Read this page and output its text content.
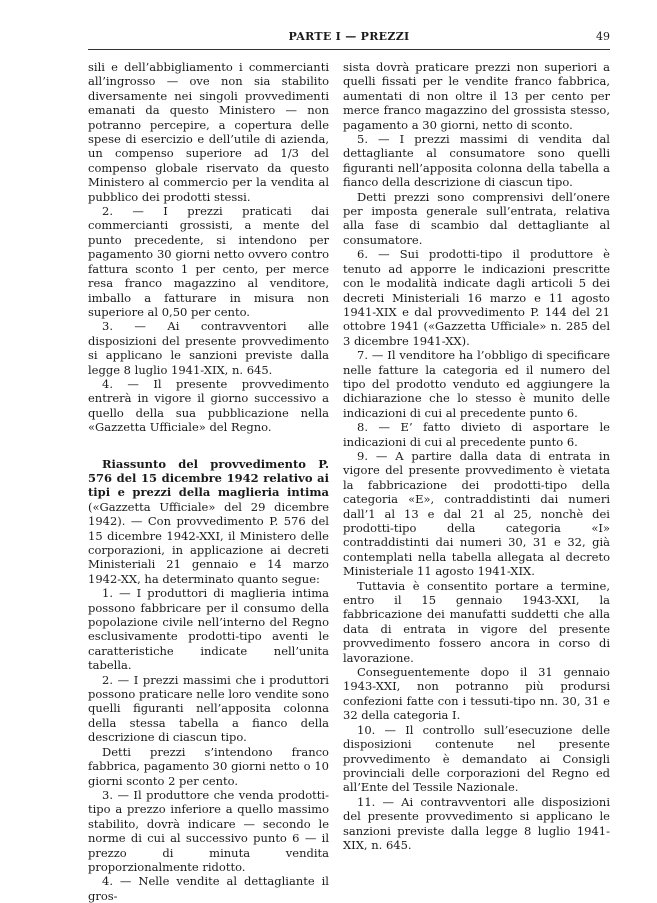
PARTE I — PREZZI	49

sili e dell’abbigliamento i commercianti all’ingrosso — ove non sia stabilito diversamente nei singoli provvedimenti emanati da questo Ministero — non potranno percepire, a copertura delle spese di esercizio e dell’utile di azienda, un compenso superiore ad 1/3 del compenso globale riservato da questo Ministero al commercio per la vendita al pubblico dei prodotti stessi.

2. — I prezzi praticati dai commercianti grossisti, a mente del punto precedente, si intendono per pagamento 30 giorni netto ovvero contro fattura sconto 1 per cento, per merce resa franco magazzino al venditore, imballo a fatturare in misura non superiore al 0,50 per cento.

3. — Ai contravventori alle disposizioni del presente provvedimento si applicano le sanzioni previste dalla legge 8 luglio 1941-XIX, n. 645.

4. — Il presente provvedimento entrerà in vigore il giorno successivo a quello della sua pubblicazione nella «Gazzetta Ufficiale» del Regno.

Riassunto del provvedimento P. 576 del 15 dicembre 1942 relativo ai tipi e prezzi della maglieria intima («Gazzetta Ufficiale» del 29 dicembre 1942). — Con provvedimento P. 576 del 15 dicembre 1942-XXI, il Ministero delle corporazioni, in applicazione ai decreti Ministeriali 21 gennaio e 14 marzo 1942-XX, ha determinato quanto segue:

1. — I produttori di maglieria intima possono fabbricare per il consumo della popolazione civile nell’interno del Regno esclusivamente prodotti-tipo aventi le caratteristiche indicate nell’unita tabella.

2. — I prezzi massimi che i produttori possono praticare nelle loro vendite sono quelli figuranti nell’apposita colonna della stessa tabella a fianco della descrizione di ciascun tipo.

Detti prezzi s’intendono franco fabbrica, pagamento 30 giorni netto o 10 giorni sconto 2 per cento.

3. — Il produttore che venda prodotti-tipo a prezzo inferiore a quello massimo stabilito, dovrà indicare — secondo le norme di cui al successivo punto 6 — il prezzo di minuta vendita proporzionalmente ridotto.

4. — Nelle vendite al dettagliante il gros-

sista dovrà praticare prezzi non superiori a quelli fissati per le vendite franco fabbrica, aumentati di non oltre il 13 per cento per merce franco magazzino del grossista stesso, pagamento a 30 giorni, netto di sconto.

5. — I prezzi massimi di vendita dal dettagliante al consumatore sono quelli figuranti nell’apposita colonna della tabella a fianco della descrizione di ciascun tipo.

Detti prezzi sono comprensivi dell’onere per imposta generale sull’entrata, relativa alla fase di scambio dal dettagliante al consumatore.

6. — Sui prodotti-tipo il produttore è tenuto ad apporre le indicazioni prescritte con le modalità indicate dagli articoli 5 dei decreti Ministeriali 16 marzo e 11 agosto 1941-XIX e dal provvedimento P. 144 del 21 ottobre 1941 («Gazzetta Ufficiale» n. 285 del 3 dicembre 1941-XX).

7. — Il venditore ha l’obbligo di specificare nelle fatture la categoria ed il numero del tipo del prodotto venduto ed aggiungere la dichiarazione che lo stesso è munito delle indicazioni di cui al precedente punto 6.

8. — E’ fatto divieto di asportare le indicazioni di cui al precedente punto 6.

9. — A partire dalla data di entrata in vigore del presente provvedimento è vietata la fabbricazione dei prodotti-tipo della categoria «E», contraddistinti dai numeri dall’1 al 13 e dal 21 al 25, nonchè dei prodotti-tipo della categoria «I» contraddistinti dai numeri 30, 31 e 32, già contemplati nella tabella allegata al decreto Ministeriale 11 agosto 1941-XIX.

Tuttavia è consentito portare a termine, entro il 15 gennaio 1943-XXI, la fabbricazione dei manufatti suddetti che alla data di entrata in vigore del presente provvedimento fossero ancora in corso di lavorazione.

Conseguentemente dopo il 31 gennaio 1943-XXI, non potranno più prodursi confezioni fatte con i tessuti-tipo nn. 30, 31 e 32 della categoria I.

10. — Il controllo sull’esecuzione delle disposizioni contenute nel presente provvedimento è demandato ai Consigli provinciali delle corporazioni del Regno ed all’Ente del Tessile Nazionale.

11. — Ai contravventori alle disposizioni del presente provvedimento si applicano le sanzioni previste dalla legge 8 luglio 1941-XIX, n. 645.
